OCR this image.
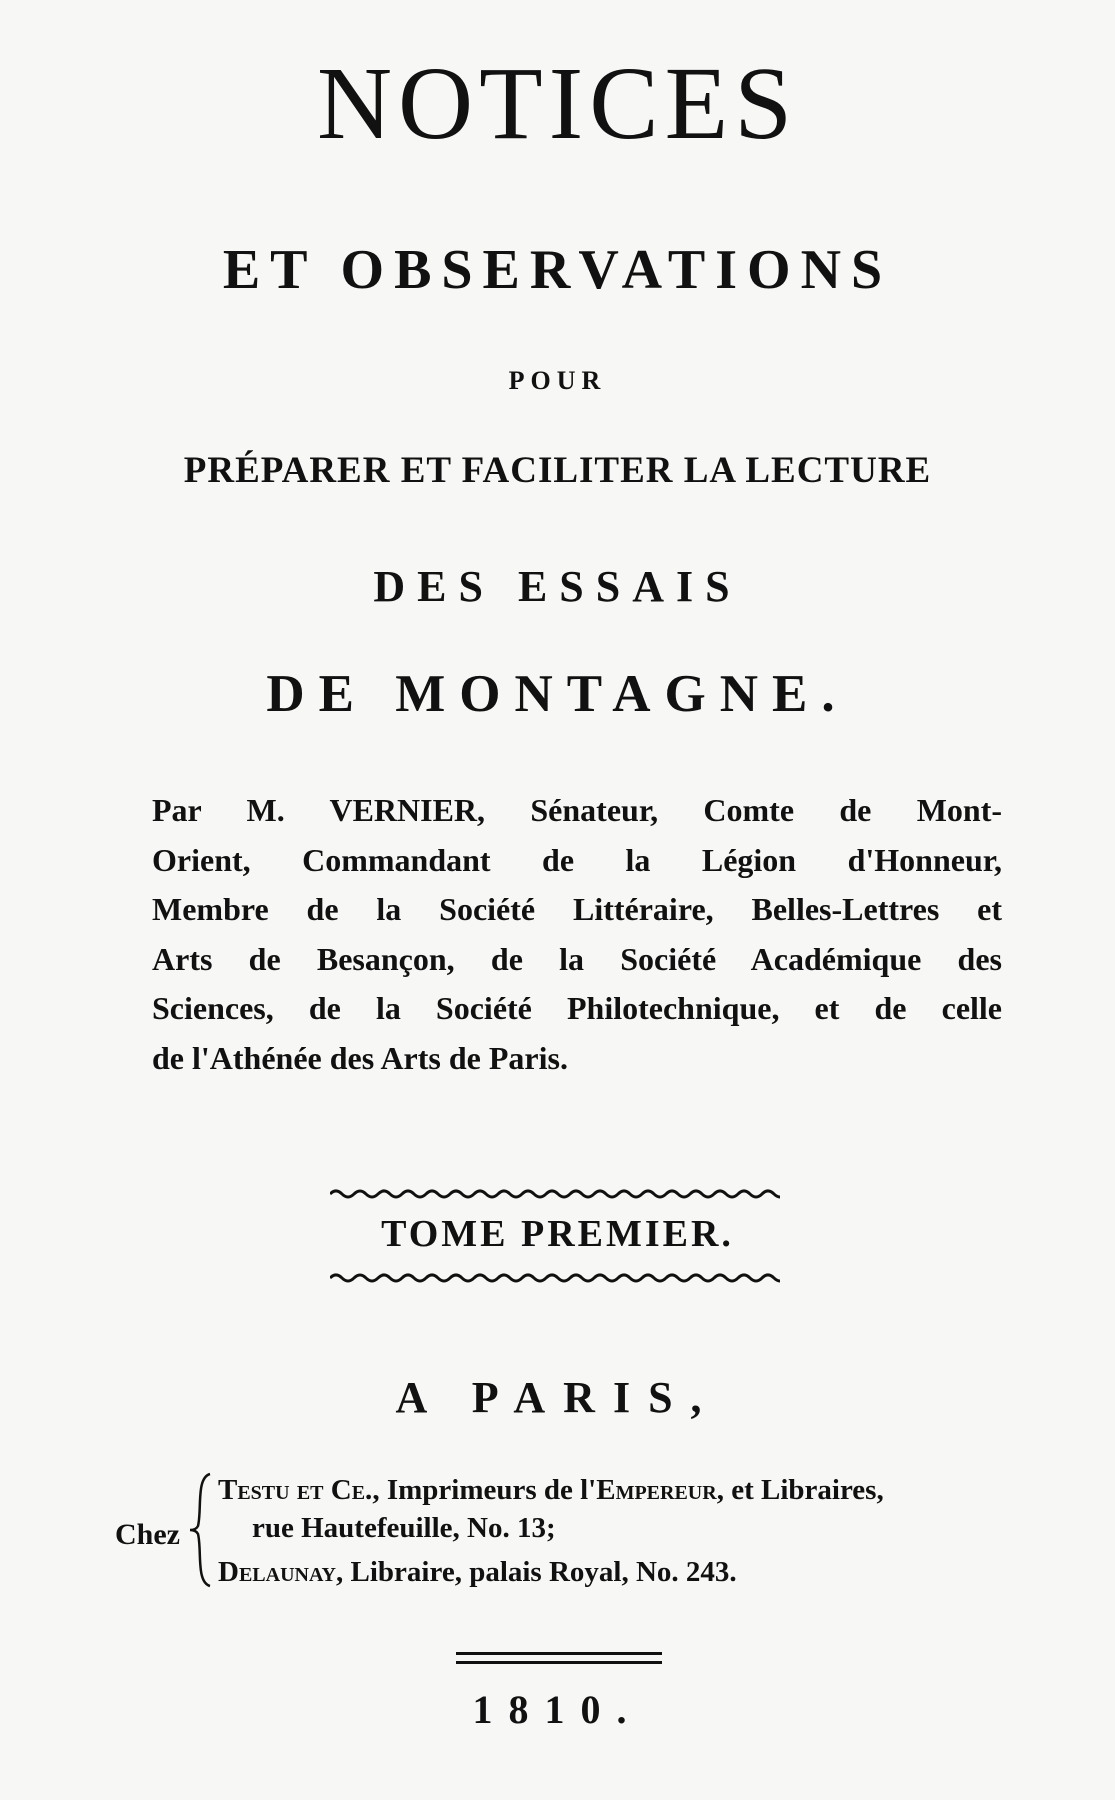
NOTICES
ET OBSERVATIONS
POUR
PRÉPARER ET FACILITER LA LECTURE
DES ESSAIS
DE MONTAGNE.
Par M. VERNIER, Sénateur, Comte de Mont-
Orient, Commandant de la Légion d'Honneur,
Membre de la Société Littéraire, Belles-Lettres et
Arts de Besançon, de la Société Académique des
Sciences, de la Société Philotechnique, et de celle
de l'Athénée des Arts de Paris.
TOME PREMIER.
A PARIS,
Chez
Testu et Ce., Imprimeurs de l'Empereur, et Libraires,
rue Hautefeuille, No. 13;
Delaunay, Libraire, palais Royal, No. 243.
1810.
